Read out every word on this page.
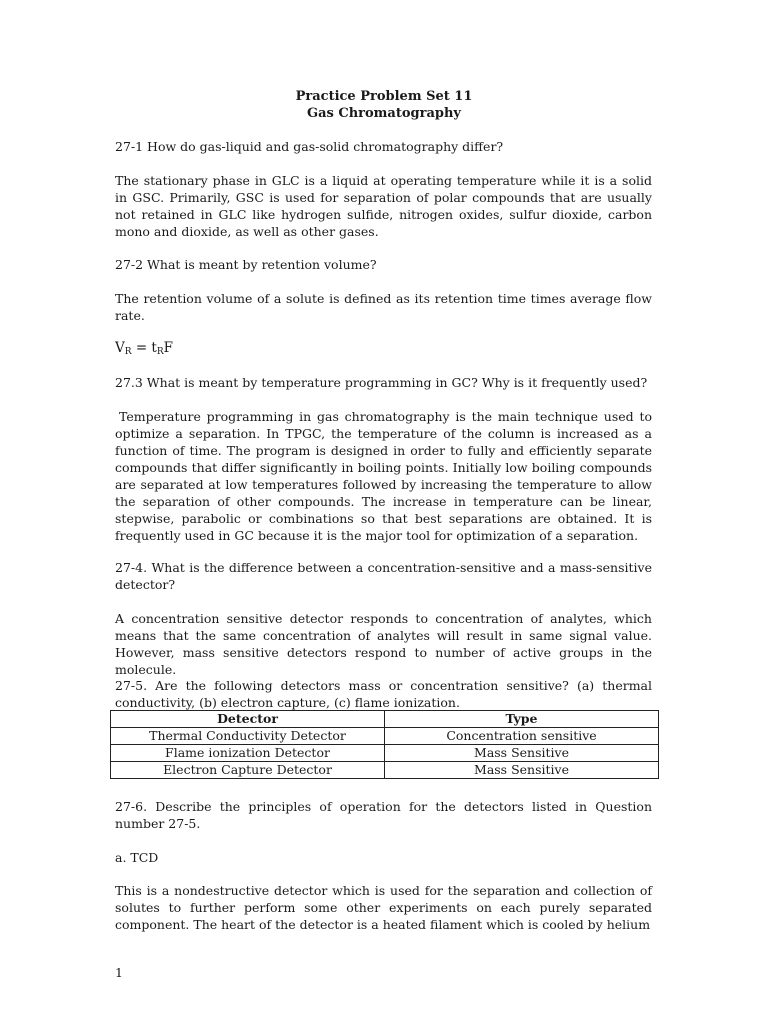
Practice Problem Set 11
Gas Chromatography
27-1 How do gas-liquid and gas-solid chromatography differ?
The stationary phase in GLC is a liquid at operating temperature while it is a solid in GSC. Primarily, GSC is used for separation of polar compounds that are usually not retained in GLC like hydrogen sulfide, nitrogen oxides, sulfur dioxide, carbon mono and dioxide, as well as other gases.
27-2 What is meant by retention volume?
The retention volume of a solute is defined as its retention time times average flow rate.
$V_R = t_RF$
27.3 What is meant by temperature programming in GC? Why is it frequently used?
Temperature programming in gas chromatography is the main technique used to optimize a separation. In TPGC, the temperature of the column is increased as a function of time. The program is designed in order to fully and efficiently separate compounds that differ significantly in boiling points. Initially low boiling compounds are separated at low temperatures followed by increasing the temperature to allow the separation of other compounds. The increase in temperature can be linear, stepwise, parabolic or combinations so that best separations are obtained. It is frequently used in GC because it is the major tool for optimization of a separation.
27-4. What is the difference between a concentration-sensitive and a mass-sensitive detector?
A concentration sensitive detector responds to concentration of analytes, which means that the same concentration of analytes will result in same signal value. However, mass sensitive detectors respond to number of active groups in the molecule.
27-5. Are the following detectors mass or concentration sensitive? (a) thermal conductivity, (b) electron capture, (c) flame ionization.
Detector	Type
Thermal Conductivity Detector	Concentration sensitive
Flame ionization Detector	Mass Sensitive
Electron Capture Detector	Mass Sensitive
27-6. Describe the principles of operation for the detectors listed in Question number 27-5.
a. TCD
This is a nondestructive detector which is used for the separation and collection of solutes to further perform some other experiments on each purely separated component. The heart of the detector is a heated filament which is cooled by helium
1
